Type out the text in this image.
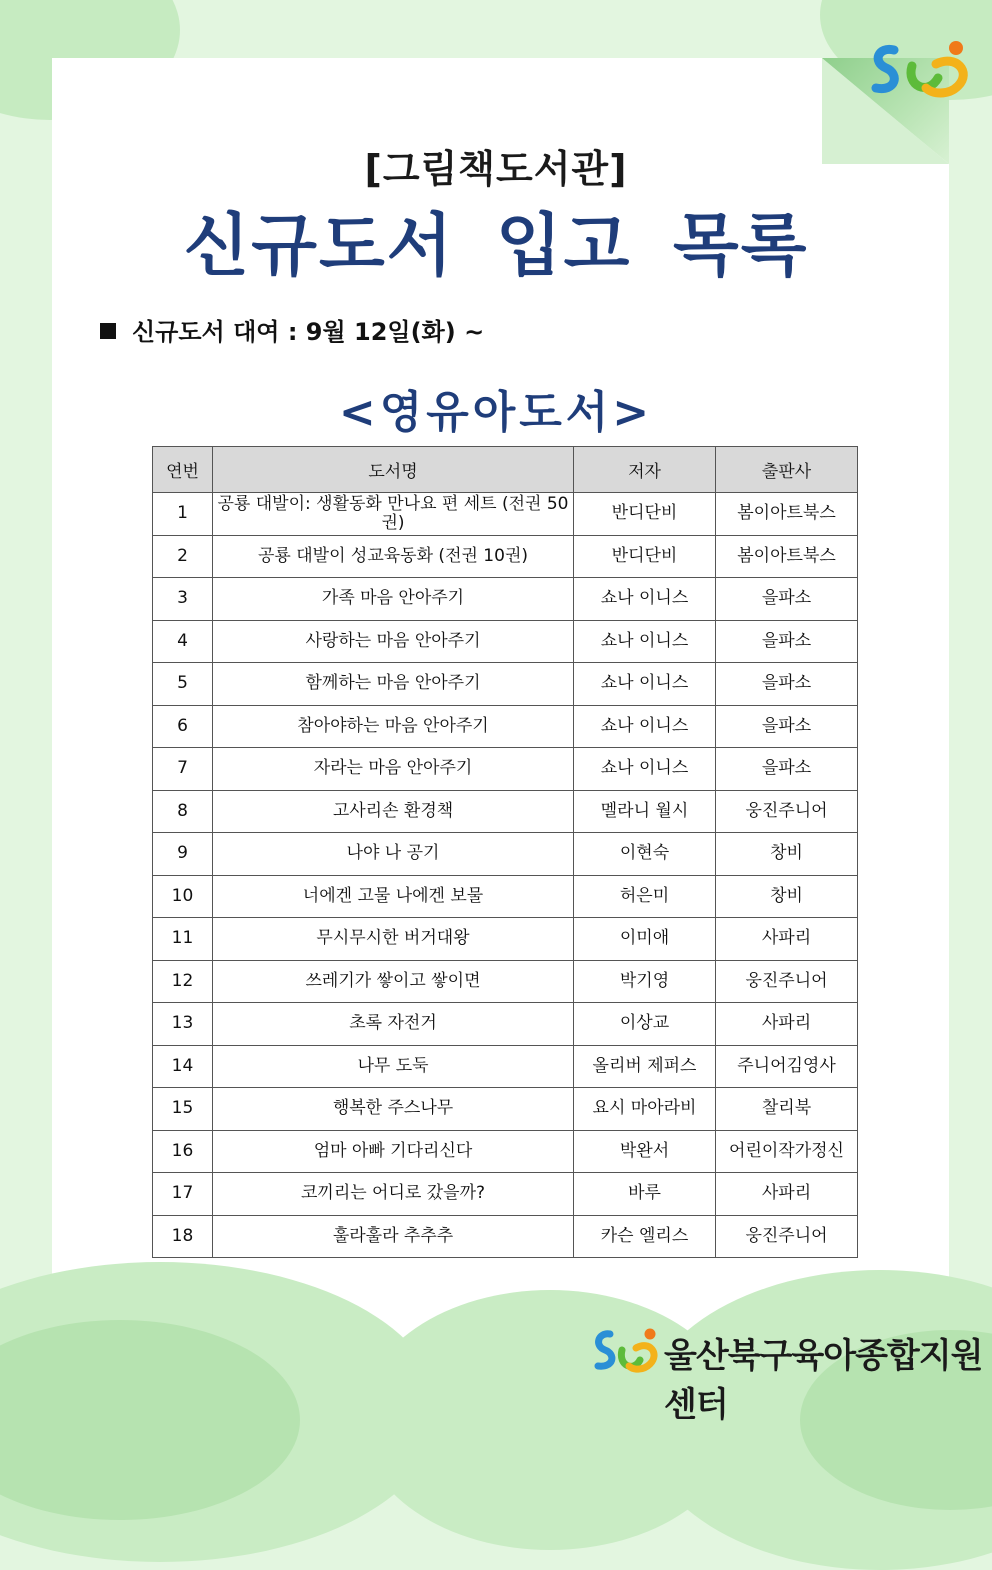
[그림책도서관]
신규도서 입고 목록
신규도서 대여 : 9월 12일(화) ~
<영유아도서>
연번	도서명	저자	출판사
1	공룡 대발이: 생활동화 만나요 편 세트 (전권 50권)	반디단비	봄이아트북스
2	공룡 대발이 성교육동화 (전권 10권)	반디단비	봄이아트북스
3	가족 마음 안아주기	쇼나 이니스	을파소
4	사랑하는 마음 안아주기	쇼나 이니스	을파소
5	함께하는 마음 안아주기	쇼나 이니스	을파소
6	참아야하는 마음 안아주기	쇼나 이니스	을파소
7	자라는 마음 안아주기	쇼나 이니스	을파소
8	고사리손 환경책	멜라니 월시	웅진주니어
9	나야 나 공기	이현숙	창비
10	너에겐 고물 나에겐 보물	허은미	창비
11	무시무시한 버거대왕	이미애	사파리
12	쓰레기가 쌓이고 쌓이면	박기영	웅진주니어
13	초록 자전거	이상교	사파리
14	나무 도둑	올리버 제퍼스	주니어김영사
15	행복한 주스나무	요시 마아라비	찰리북
16	엄마 아빠 기다리신다	박완서	어린이작가정신
17	코끼리는 어디로 갔을까?	바루	사파리
18	훌라훌라 추추추	카슨 엘리스	웅진주니어
울산북구육아종합지원센터
